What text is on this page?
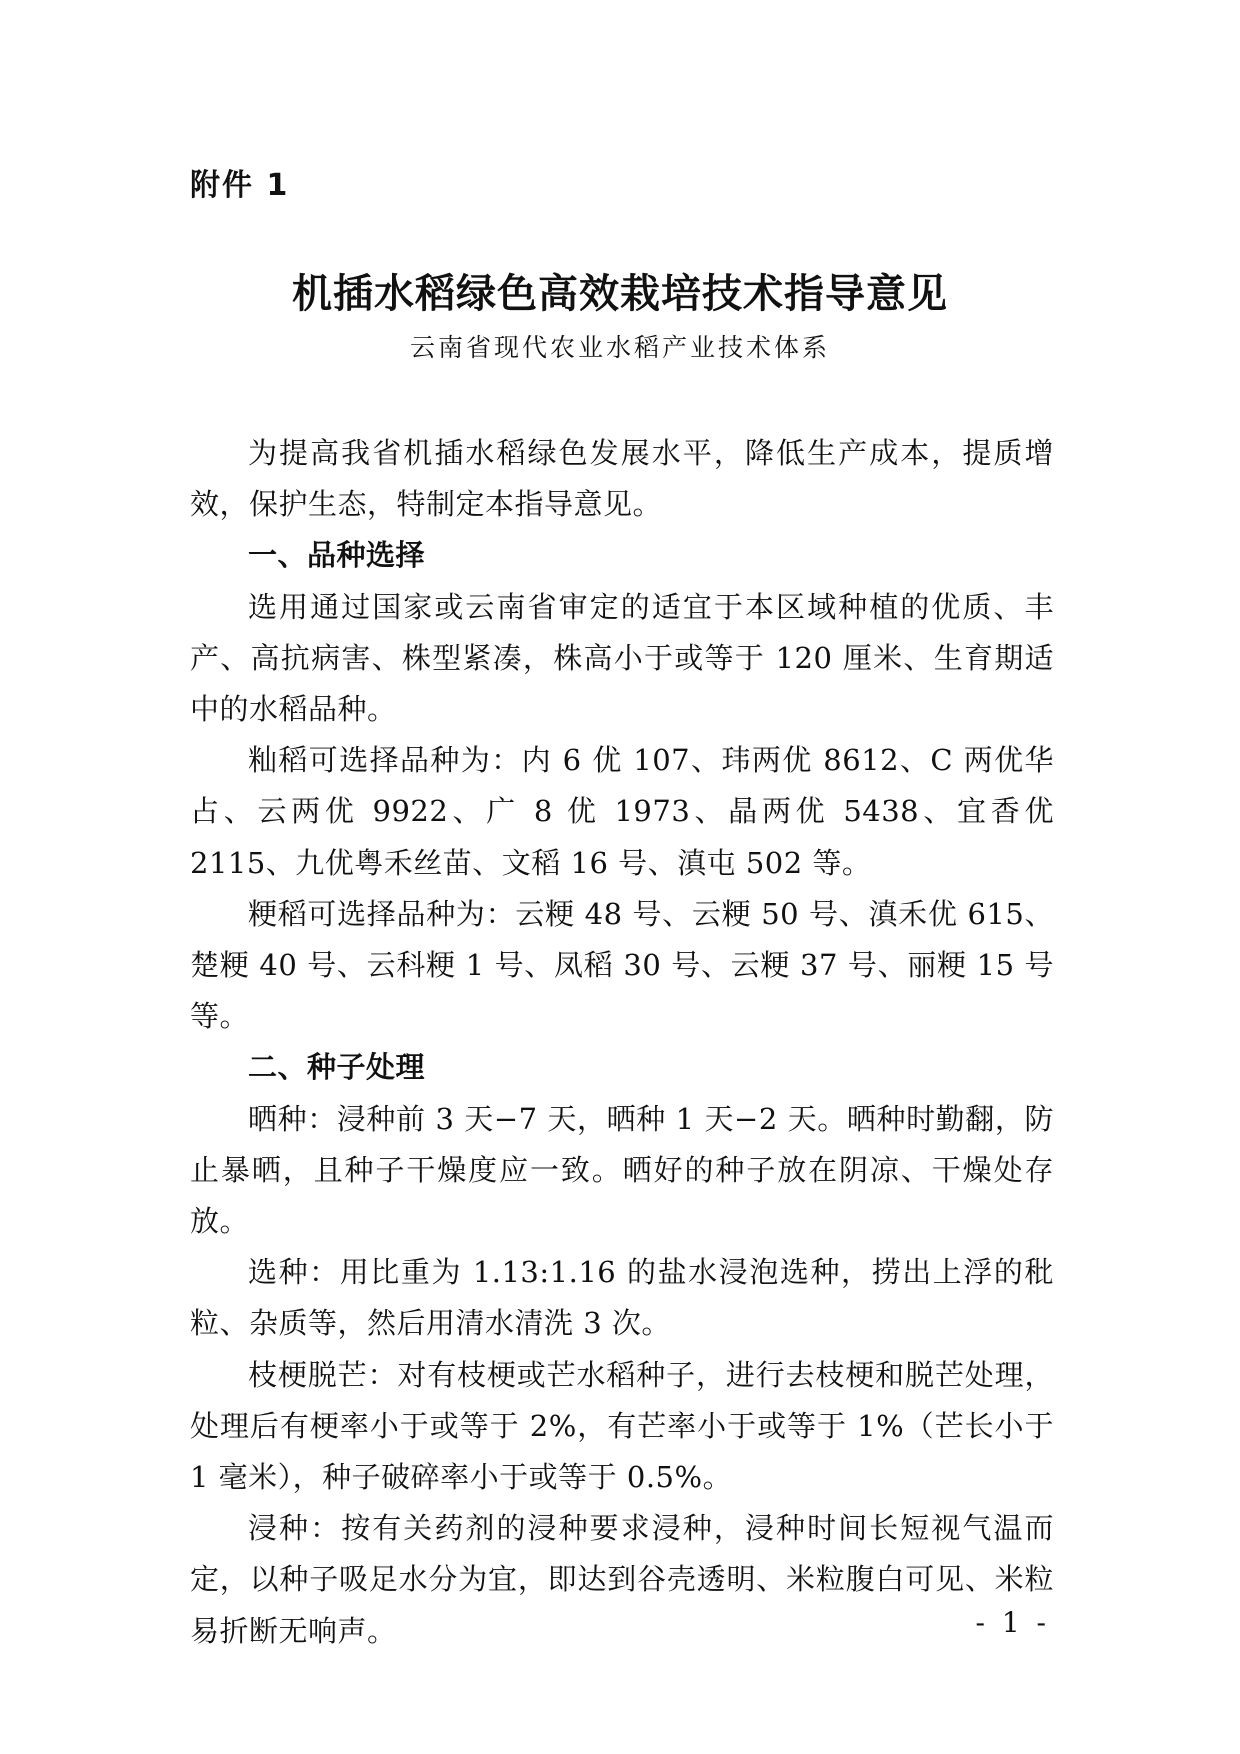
附件 1
机插水稻绿色高效栽培技术指导意见
云南省现代农业水稻产业技术体系

为提高我省机插水稻绿色发展水平，降低生产成本，提质增效，保护生态，特制定本指导意见。

一、品种选择

选用通过国家或云南省审定的适宜于本区域种植的优质、丰产、高抗病害、株型紧凑，株高小于或等于 120 厘米、生育期适中的水稻品种。

籼稻可选择品种为：内 6 优 107、玮两优 8612、C 两优华占、云两优 9922、广 8 优 1973、晶两优 5438、宜香优 2115、九优粤禾丝苗、文稻 16 号、滇屯 502 等。

粳稻可选择品种为：云粳 48 号、云粳 50 号、滇禾优 615、楚粳 40 号、云科粳 1 号、凤稻 30 号、云粳 37 号、丽粳 15 号等。

二、种子处理

晒种：浸种前 3 天−7 天，晒种 1 天−2 天。晒种时勤翻，防止暴晒，且种子干燥度应一致。晒好的种子放在阴凉、干燥处存放。

选种：用比重为 1.13:1.16 的盐水浸泡选种，捞出上浮的秕粒、杂质等，然后用清水清洗 3 次。

枝梗脱芒：对有枝梗或芒水稻种子，进行去枝梗和脱芒处理，处理后有梗率小于或等于 2%，有芒率小于或等于 1%（芒长小于 1 毫米），种子破碎率小于或等于 0.5%。

浸种：按有关药剂的浸种要求浸种，浸种时间长短视气温而定，以种子吸足水分为宜，即达到谷壳透明、米粒腹白可见、米粒易折断无响声。	- 1 -
